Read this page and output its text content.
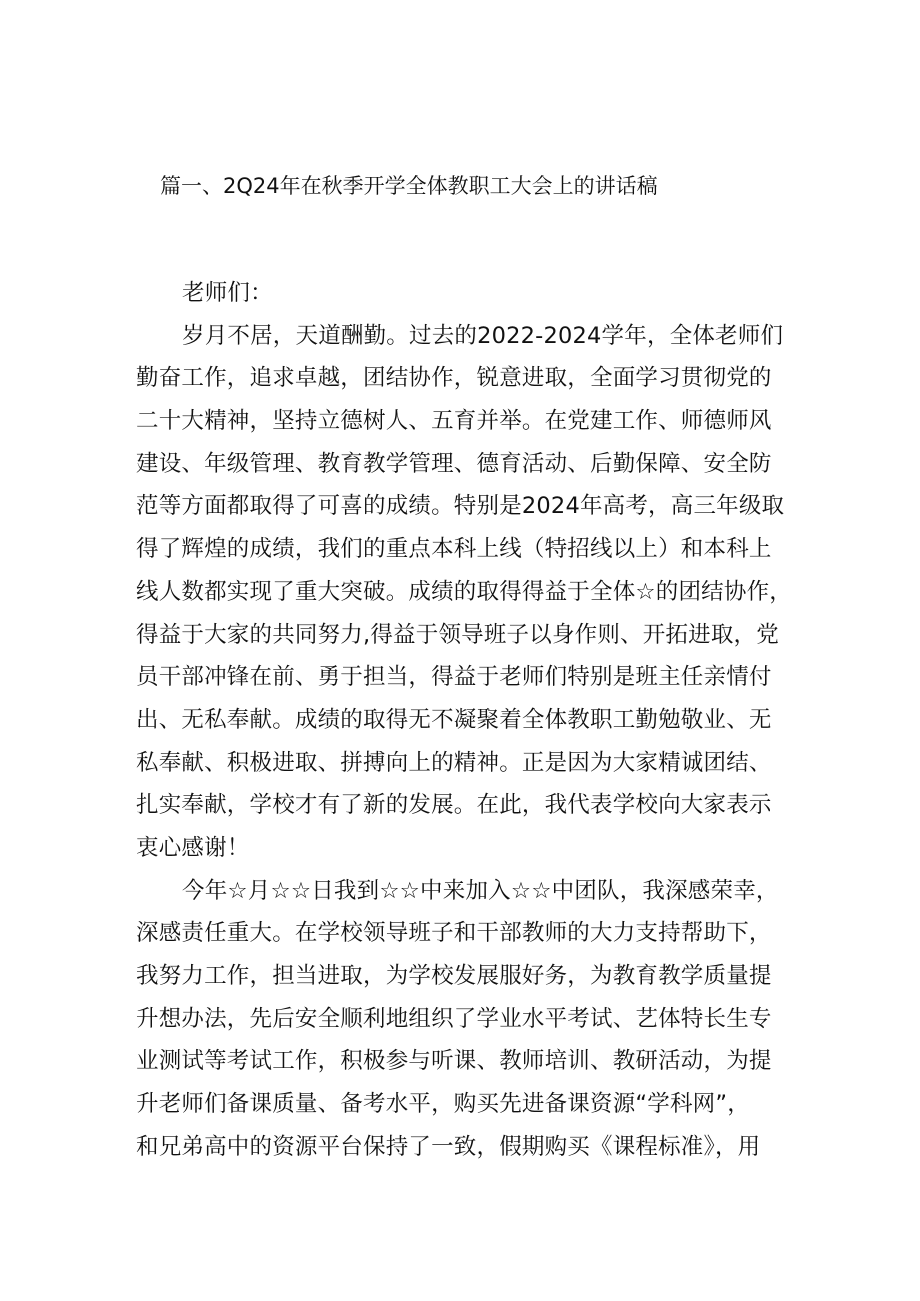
篇一、2Q24年在秋季开学全体教职工大会上的讲话稿
老师们：
岁月不居，天道酬勤。过去的2022-2024学年，全体老师们
勤奋工作，追求卓越，团结协作，锐意进取，全面学习贯彻党的
二十大精神，坚持立德树人、五育并举。在党建工作、师德师风
建设、年级管理、教育教学管理、德育活动、后勤保障、安全防
范等方面都取得了可喜的成绩。特别是2024年高考，高三年级取
得了辉煌的成绩，我们的重点本科上线（特招线以上）和本科上
线人数都实现了重大突破。成绩的取得得益于全体☆的团结协作，
得益于大家的共同努力,得益于领导班子以身作则、开拓进取，党
员干部冲锋在前、勇于担当，得益于老师们特别是班主任亲情付
出、无私奉献。成绩的取得无不凝聚着全体教职工勤勉敬业、无
私奉献、积极进取、拼搏向上的精神。正是因为大家精诚团结、
扎实奉献，学校才有了新的发展。在此，我代表学校向大家表示
衷心感谢！
今年☆月☆☆日我到☆☆中来加入☆☆中团队，我深感荣幸，
深感责任重大。在学校领导班子和干部教师的大力支持帮助下，
我努力工作，担当进取，为学校发展服好务，为教育教学质量提
升想办法，先后安全顺利地组织了学业水平考试、艺体特长生专
业测试等考试工作，积极参与听课、教师培训、教研活动，为提
升老师们备课质量、备考水平，购买先进备课资源“学科网”，
和兄弟高中的资源平台保持了一致，假期购买《课程标准》，用
